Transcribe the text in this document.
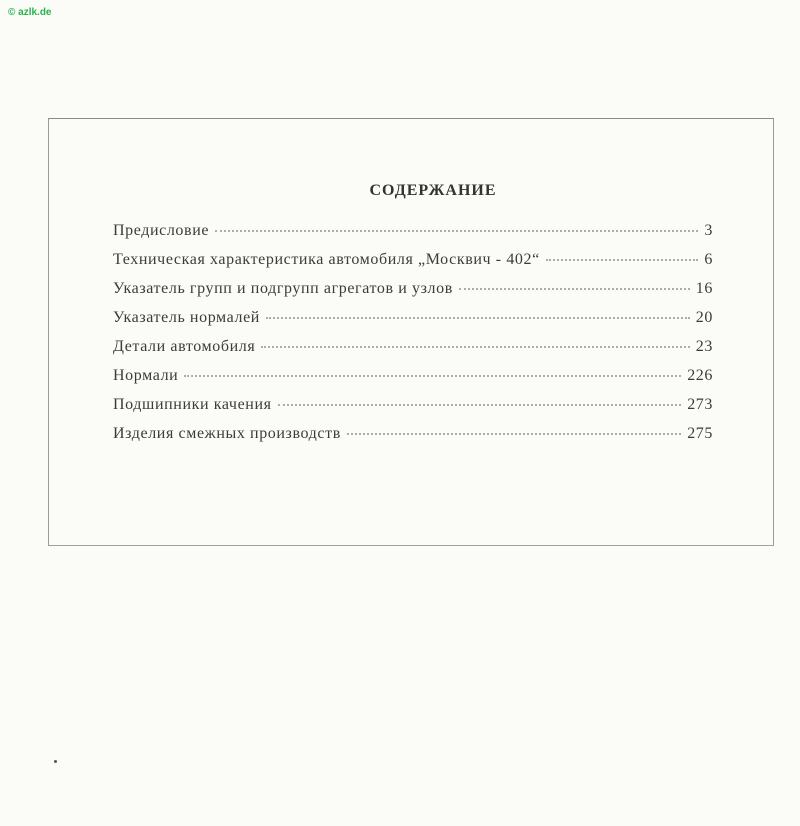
© azlk.de
СОДЕРЖАНИЕ
Предисловие	3
Техническая характеристика автомобиля „Москвич - 402“	6
Указатель групп и подгрупп агрегатов и узлов	16
Указатель нормалей	20
Детали автомобиля	23
Нормали	226
Подшипники качения	273
Изделия смежных производств	275
